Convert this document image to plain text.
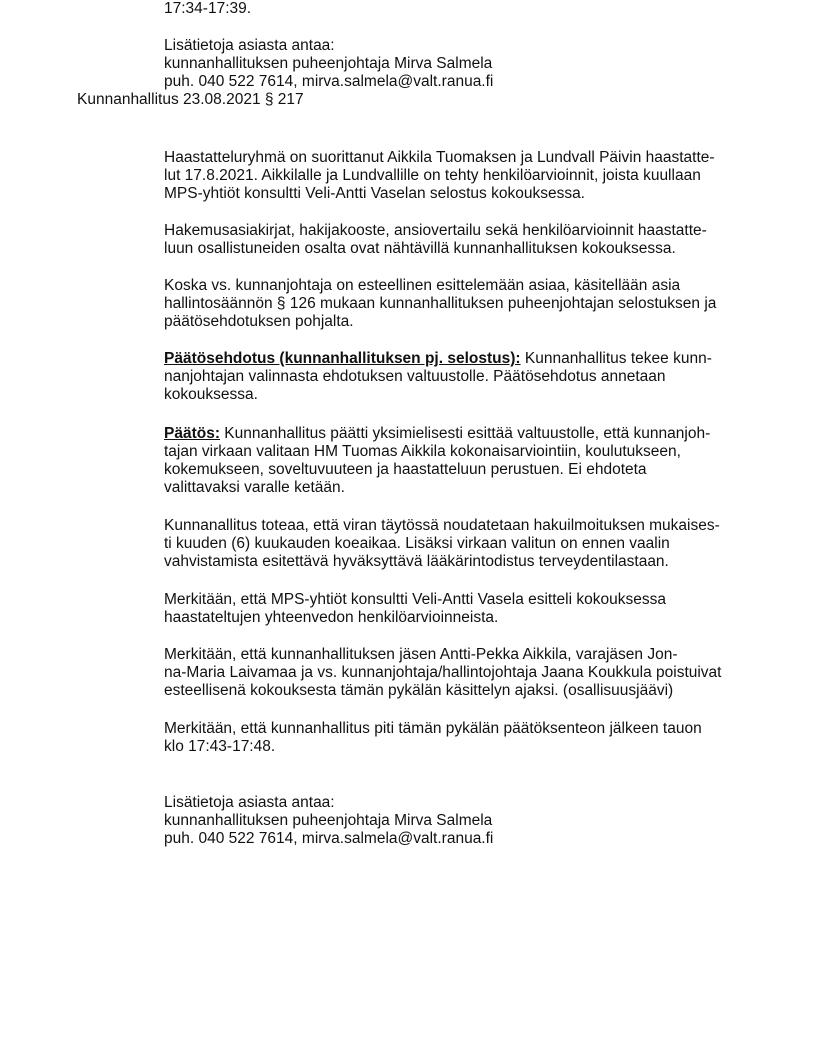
17:34-17:39.
Lisätietoja asiasta antaa:
kunnanhallituksen puheenjohtaja Mirva Salmela
puh. 040 522 7614, mirva.salmela@valt.ranua.fi
Kunnanhallitus 23.08.2021 § 217
Haastatteluryhmä on suorittanut Aikkila Tuomaksen ja Lundvall Päivin haastatte-
lut 17.8.2021. Aikkilalle ja Lundvallille on tehty henkilöarvioinnit, joista kuullaan
MPS-yhtiöt konsultti Veli-Antti Vaselan selostus kokouksessa.
Hakemusasiakirjat, hakijakooste, ansiovertailu sekä henkilöarvioinnit haastatte-
luun osallistuneiden osalta ovat nähtävillä kunnanhallituksen kokouksessa.
Koska vs. kunnanjohtaja on esteellinen esittelemään asiaa, käsitellään asia
hallintosäännön § 126 mukaan kunnanhallituksen puheenjohtajan selostuksen ja
päätösehdotuksen pohjalta.
Päätösehdotus (kunnanhallituksen pj. selostus): Kunnanhallitus tekee kunn-
nanjohtajan valinnasta ehdotuksen valtuustolle. Päätösehdotus annetaan
kokouksessa.
Päätös: Kunnanhallitus päätti yksimielisesti esittää valtuustolle, että kunnanjoh-
tajan virkaan valitaan HM Tuomas Aikkila kokonaisarviointiin, koulutukseen,
kokemukseen, soveltuvuuteen ja haastatteluun perustuen. Ei ehdoteta
valittavaksi varalle ketään.
Kunnanallitus toteaa, että viran täytössä noudatetaan hakuilmoituksen mukaises-
ti kuuden (6) kuukauden koeaikaa. Lisäksi virkaan valitun on ennen vaalin
vahvistamista esitettävä hyväksyttävä lääkärintodistus terveydentilastaan.
Merkitään, että MPS-yhtiöt konsultti Veli-Antti Vasela esitteli kokouksessa
haastateltujen yhteenvedon henkilöarvioinneista.
Merkitään, että kunnanhallituksen jäsen Antti-Pekka Aikkila, varajäsen Jon-
na-Maria Laivamaa ja vs. kunnanjohtaja/hallintojohtaja Jaana Koukkula poistuivat
esteellisenä kokouksesta tämän pykälän käsittelyn ajaksi. (osallisuusjäävi)
Merkitään, että kunnanhallitus piti tämän pykälän päätöksenteon jälkeen tauon
klo 17:43-17:48.
Lisätietoja asiasta antaa:
kunnanhallituksen puheenjohtaja Mirva Salmela
puh. 040 522 7614, mirva.salmela@valt.ranua.fi
